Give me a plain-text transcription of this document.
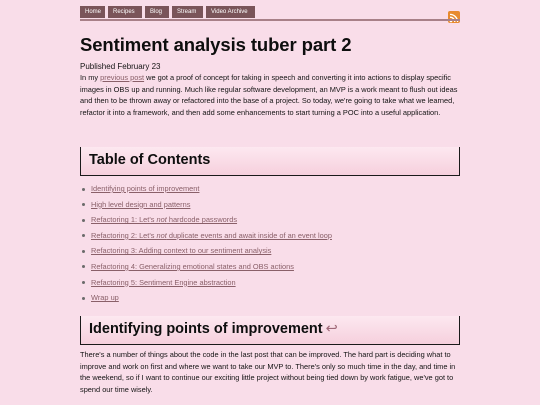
Home	Recipes	Blog	Stream	Video Archive
Sentiment analysis tuber part 2
Published February 23
In my previous post we got a proof of concept for taking in speech and converting it into actions to display specific images in OBS up and running. Much like regular software development, an MVP is a work meant to flush out ideas and then to be thrown away or refactored into the base of a project. So today, we're going to take what we learned, refactor it into a framework, and then add some enhancements to start turning a POC into a useful application.
Table of Contents
Identifying points of improvement
High level design and patterns
Refactoring 1: Let's not hardcode passwords
Refactoring 2: Let's not duplicate events and await inside of an event loop
Refactoring 3: Adding context to our sentiment analysis
Refactoring 4: Generalizing emotional states and OBS actions
Refactoring 5: Sentiment Engine abstraction
Wrap up
Identifying points of improvement ↩
There's a number of things about the code in the last post that can be improved. The hard part is deciding what to improve and work on first and where we want to take our MVP to. There's only so much time in the day, and time in the weekend, so if I want to continue our exciting little project without being tied down by work fatigue, we've got to spend our time wisely.
